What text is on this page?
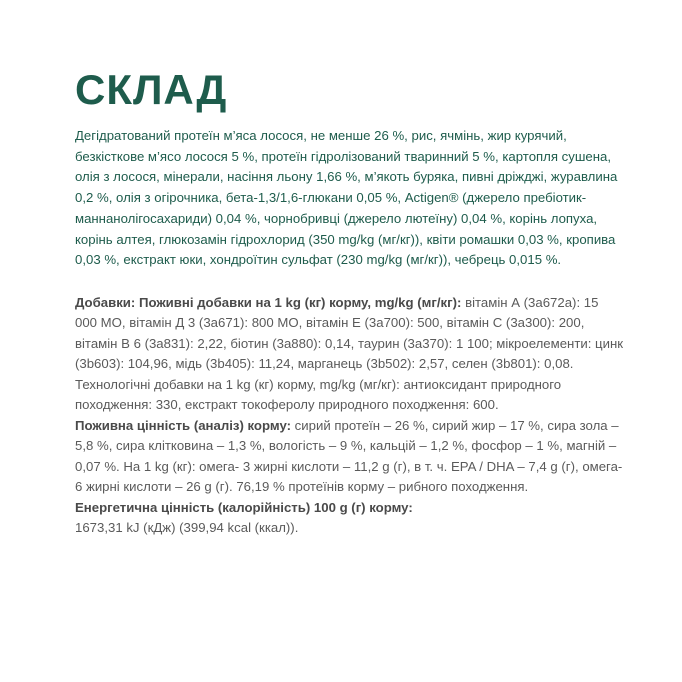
СКЛАД

Дегідратований протеїн м’яса лосося, не менше 26 %, рис, ячмінь, жир курячий, безкісткове м’ясо лосося 5 %, протеїн гідролізований тваринний 5 %, картопля сушена, олія з лосося, мінерали, насіння льону 1,66 %, м’якоть буряка, пивні дріжджі, журавлина 0,2 %, олія з огірочника, бета-1,3/1,6-глюкани 0,05 %, Actigen® (джерело пребіотик-маннанолігосахариди) 0,04 %, чорнобривці (джерело лютеїну) 0,04 %, корінь лопуха, корінь алтея, глюкозамін гідрохлорид (350 mg/kg (мг/кг)), квіти ромашки 0,03 %, кропива 0,03 %, екстракт юки, хондроїтин сульфат (230 mg/kg (мг/кг)), чебрець 0,015 %.

Добавки: Поживні добавки на 1 kg (кг) корму, mg/kg (мг/кг): вітамін А (3a672a): 15 000 МО, вітамін Д 3 (3a671): 800 МО, вітамін Е (3a700): 500, вітамін С (3a300): 200, вітамін В 6 (3a831): 2,22, біотин (3a880): 0,14, таурин (3a370): 1 100; мікроелементи: цинк (3b603): 104,96, мідь (3b405): 11,24, марганець (3b502): 2,57, селен (3b801): 0,08. Технологічні добавки на 1 kg (кг) корму, mg/kg (мг/кг): антиоксидант природного походження: 330, екстракт токоферолу природного походження: 600.
Поживна цінність (аналіз) корму: сирий протеїн – 26 %, сирий жир – 17 %, сира зола – 5,8 %, сира клітковина – 1,3 %, вологість – 9 %, кальцій – 1,2 %, фосфор – 1 %, магній – 0,07 %. На 1 kg (кг): омега- 3 жирні кислоти – 11,2 g (г), в т. ч. EPA / DHA – 7,4 g (г), омега- 6 жирні кислоти – 26 g (г). 76,19 % протеїнів корму – рибного походження.
Енергетична цінність (калорійність) 100 g (г) корму:
1673,31 kJ (кДж) (399,94 kcal (ккал)).
